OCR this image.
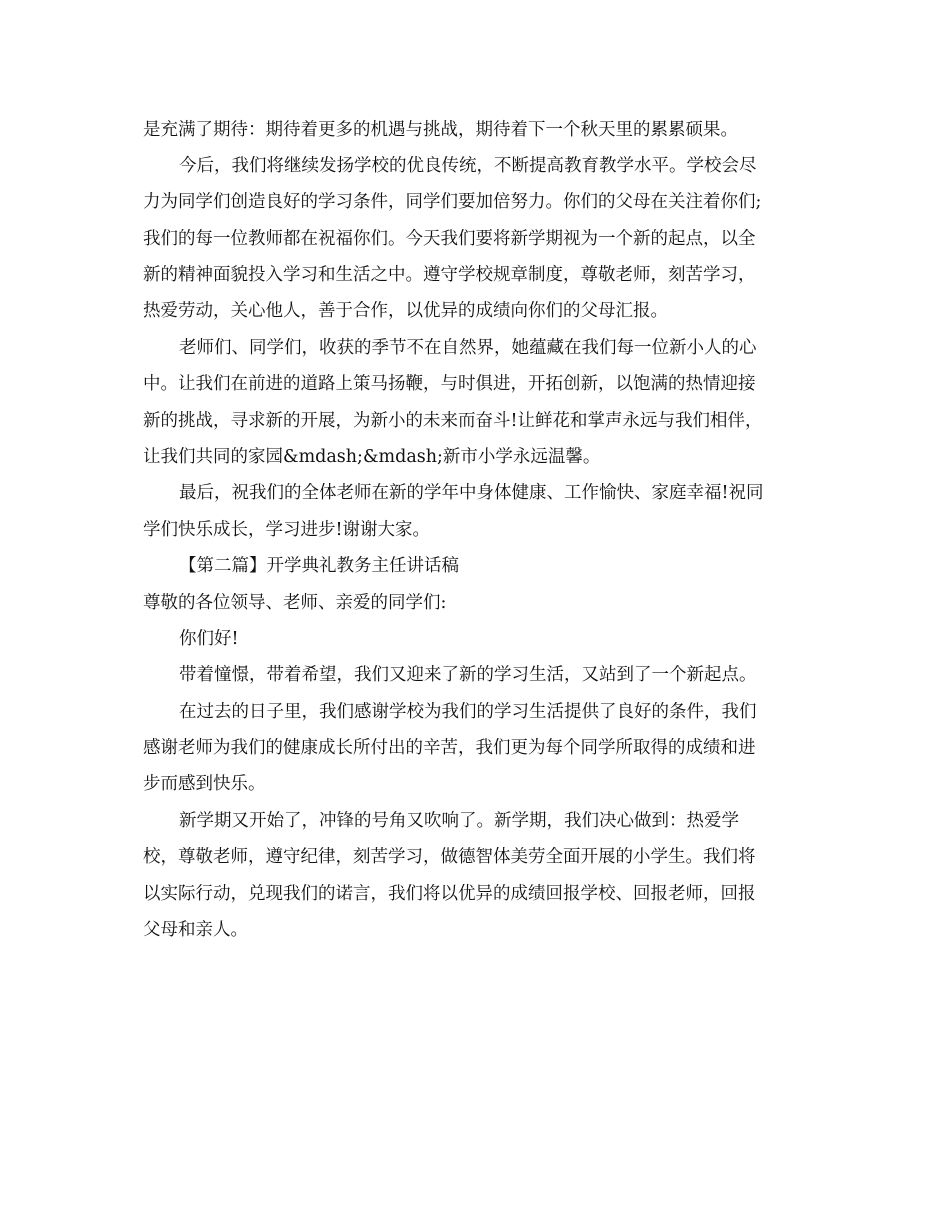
是充满了期待：期待着更多的机遇与挑战，期待着下一个秋天里的累累硕果。
今后，我们将继续发扬学校的优良传统，不断提高教育教学水平。学校会尽
力为同学们创造良好的学习条件，同学们要加倍努力。你们的父母在关注着你们;
我们的每一位教师都在祝福你们。今天我们要将新学期视为一个新的起点，以全
新的精神面貌投入学习和生活之中。遵守学校规章制度，尊敬老师，刻苦学习，
热爱劳动，关心他人，善于合作，以优异的成绩向你们的父母汇报。
老师们、同学们，收获的季节不在自然界，她蕴藏在我们每一位新小人的心
中。让我们在前进的道路上策马扬鞭，与时俱进，开拓创新，以饱满的热情迎接
新的挑战，寻求新的开展，为新小的未来而奋斗!让鲜花和掌声永远与我们相伴，
让我们共同的家园&mdash;&mdash;新市小学永远温馨。
最后，祝我们的全体老师在新的学年中身体健康、工作愉快、家庭幸福!祝同
学们快乐成长，学习进步!谢谢大家。
【第二篇】开学典礼教务主任讲话稿
尊敬的各位领导、老师、亲爱的同学们:
你们好!
带着憧憬，带着希望，我们又迎来了新的学习生活，又站到了一个新起点。
在过去的日子里，我们感谢学校为我们的学习生活提供了良好的条件，我们
感谢老师为我们的健康成长所付出的辛苦，我们更为每个同学所取得的成绩和进
步而感到快乐。
新学期又开始了，冲锋的号角又吹响了。新学期，我们决心做到：热爱学
校，尊敬老师，遵守纪律，刻苦学习，做德智体美劳全面开展的小学生。我们将
以实际行动，兑现我们的诺言，我们将以优异的成绩回报学校、回报老师，回报
父母和亲人。
